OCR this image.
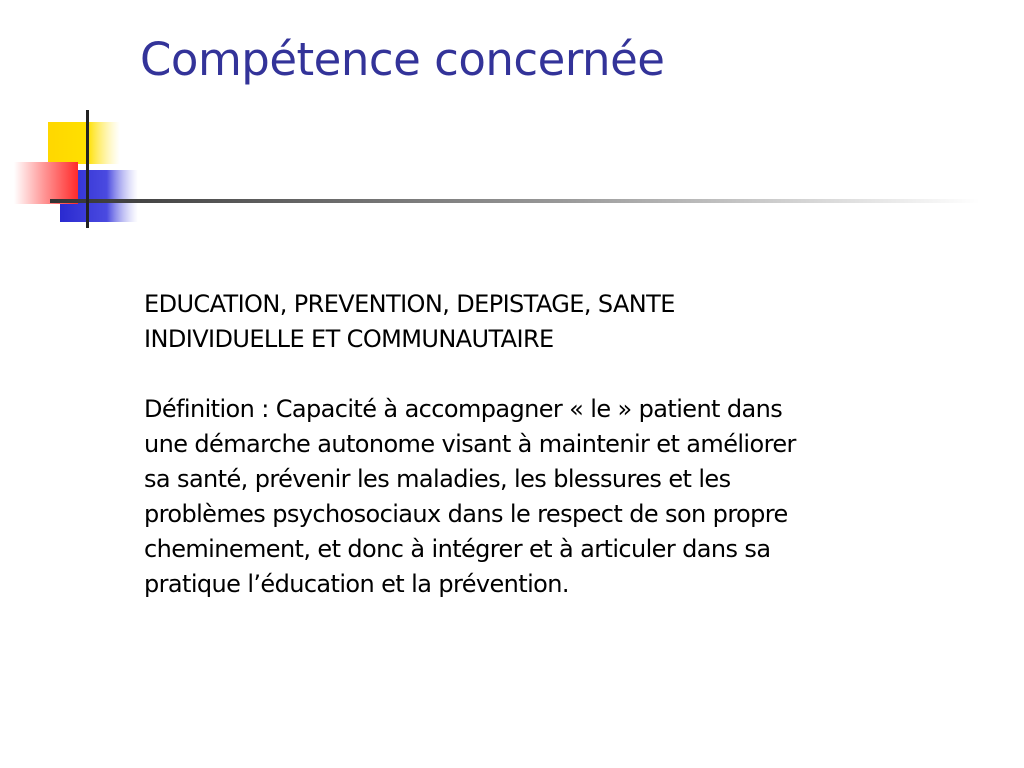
Compétence concernée

EDUCATION, PREVENTION, DEPISTAGE, SANTE
INDIVIDUELLE ET COMMUNAUTAIRE

Définition : Capacité à accompagner « le » patient dans
une démarche autonome visant à maintenir et améliorer
sa santé, prévenir les maladies, les blessures et les
problèmes psychosociaux dans le respect de son propre
cheminement, et donc à intégrer et à articuler dans sa
pratique l’éducation et la prévention.
